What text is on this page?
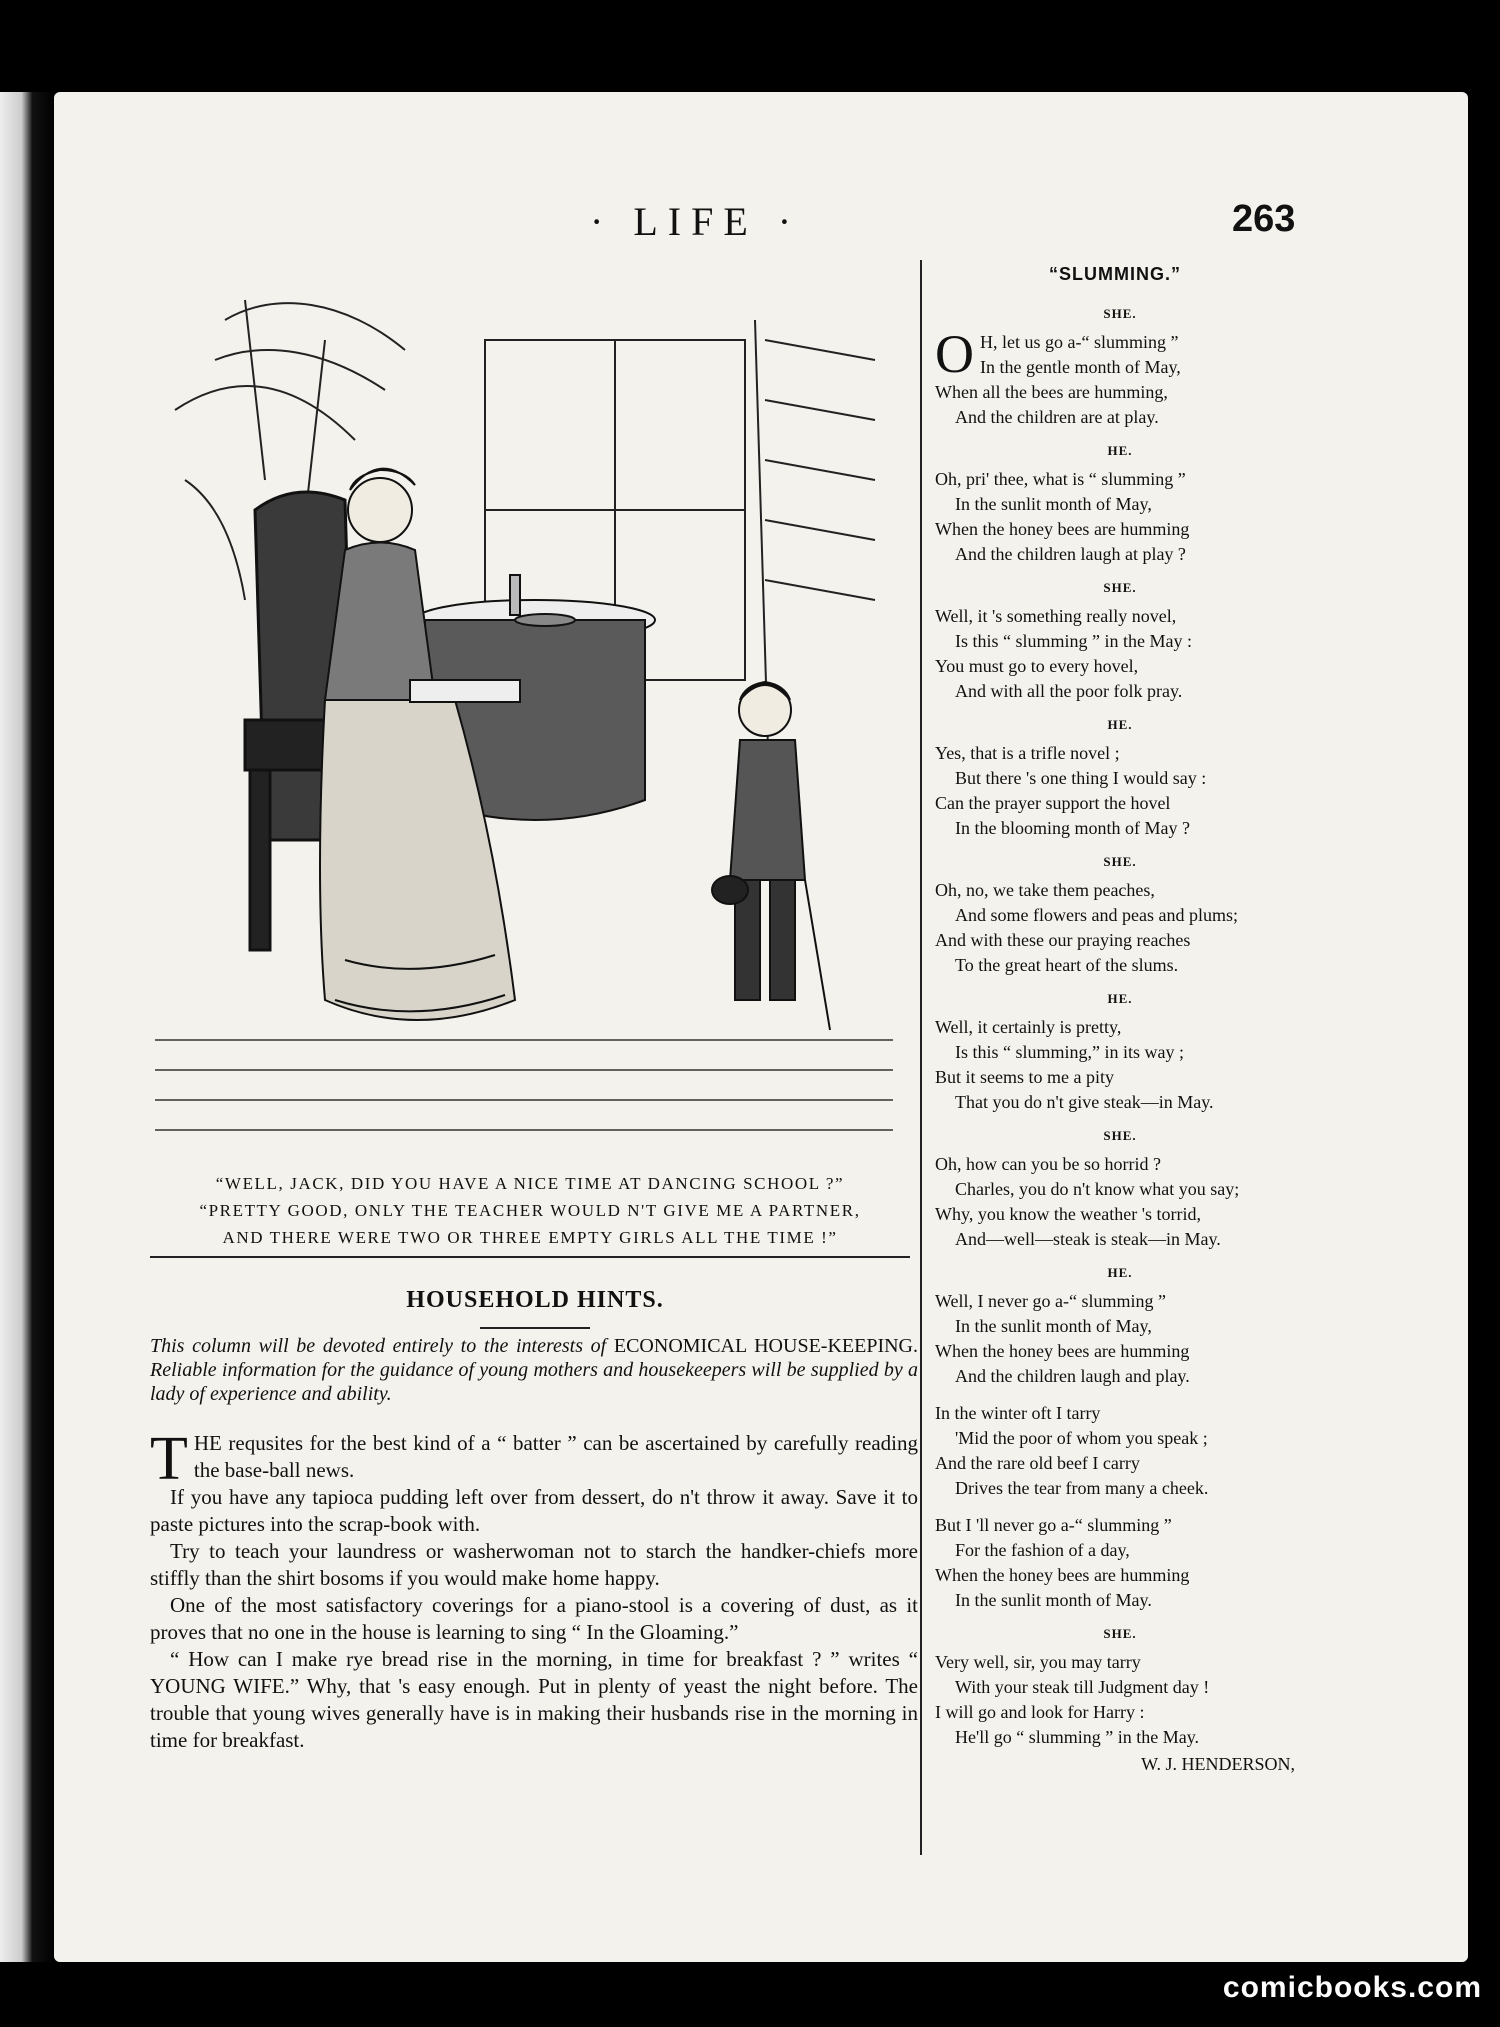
· LIFE ·	263
“WELL, JACK, DID YOU HAVE A NICE TIME AT DANCING SCHOOL ?”
“PRETTY GOOD, ONLY THE TEACHER WOULD N'T GIVE ME A PARTNER,
AND THERE WERE TWO OR THREE EMPTY GIRLS ALL THE TIME !”
HOUSEHOLD HINTS.
This column will be devoted entirely to the interests of ECONOMICAL HOUSE-KEEPING. Reliable information for the guidance of young mothers and housekeepers will be supplied by a lady of experience and ability.

THE requsites for the best kind of a “ batter ” can be ascertained by carefully reading the base-ball news.

If you have any tapioca pudding left over from dessert, do n't throw it away. Save it to paste pictures into the scrap-book with.

Try to teach your laundress or washerwoman not to starch the handker-chiefs more stiffly than the shirt bosoms if you would make home happy.

One of the most satisfactory coverings for a piano-stool is a covering of dust, as it proves that no one in the house is learning to sing “ In the Gloaming.”

“ How can I make rye bread rise in the morning, in time for breakfast ? ” writes “ YOUNG WIFE.” Why, that 's easy enough. Put in plenty of yeast the night before. The trouble that young wives generally have is in making their husbands rise in the morning in time for breakfast.

“SLUMMING.”
SHE.
O H, let us go a-“ slumming ”
In the gentle month of May,
When all the bees are humming,
And the children are at play.
HE.
Oh, pri' thee, what is “ slumming ”
In the sunlit month of May,
When the honey bees are humming
And the children laugh at play ?
SHE.
Well, it 's something really novel,
Is this “ slumming ” in the May :
You must go to every hovel,
And with all the poor folk pray.
HE.
Yes, that is a trifle novel ;
But there 's one thing I would say :
Can the prayer support the hovel
In the blooming month of May ?
SHE.
Oh, no, we take them peaches,
And some flowers and peas and plums;
And with these our praying reaches
To the great heart of the slums.
HE.
Well, it certainly is pretty,
Is this “ slumming,” in its way ;
But it seems to me a pity
That you do n't give steak—in May.
SHE.
Oh, how can you be so horrid ?
Charles, you do n't know what you say;
Why, you know the weather 's torrid,
And—well—steak is steak—in May.
HE.
Well, I never go a-“ slumming ”
In the sunlit month of May,
When the honey bees are humming
And the children laugh and play.
In the winter oft I tarry
'Mid the poor of whom you speak ;
And the rare old beef I carry
Drives the tear from many a cheek.
But I 'll never go a-“ slumming ”
For the fashion of a day,
When the honey bees are humming
In the sunlit month of May.
SHE.
Very well, sir, you may tarry
With your steak till Judgment day !
I will go and look for Harry :
He'll go “ slumming ” in the May.
W. J. HENDERSON,
comicbooks.com
